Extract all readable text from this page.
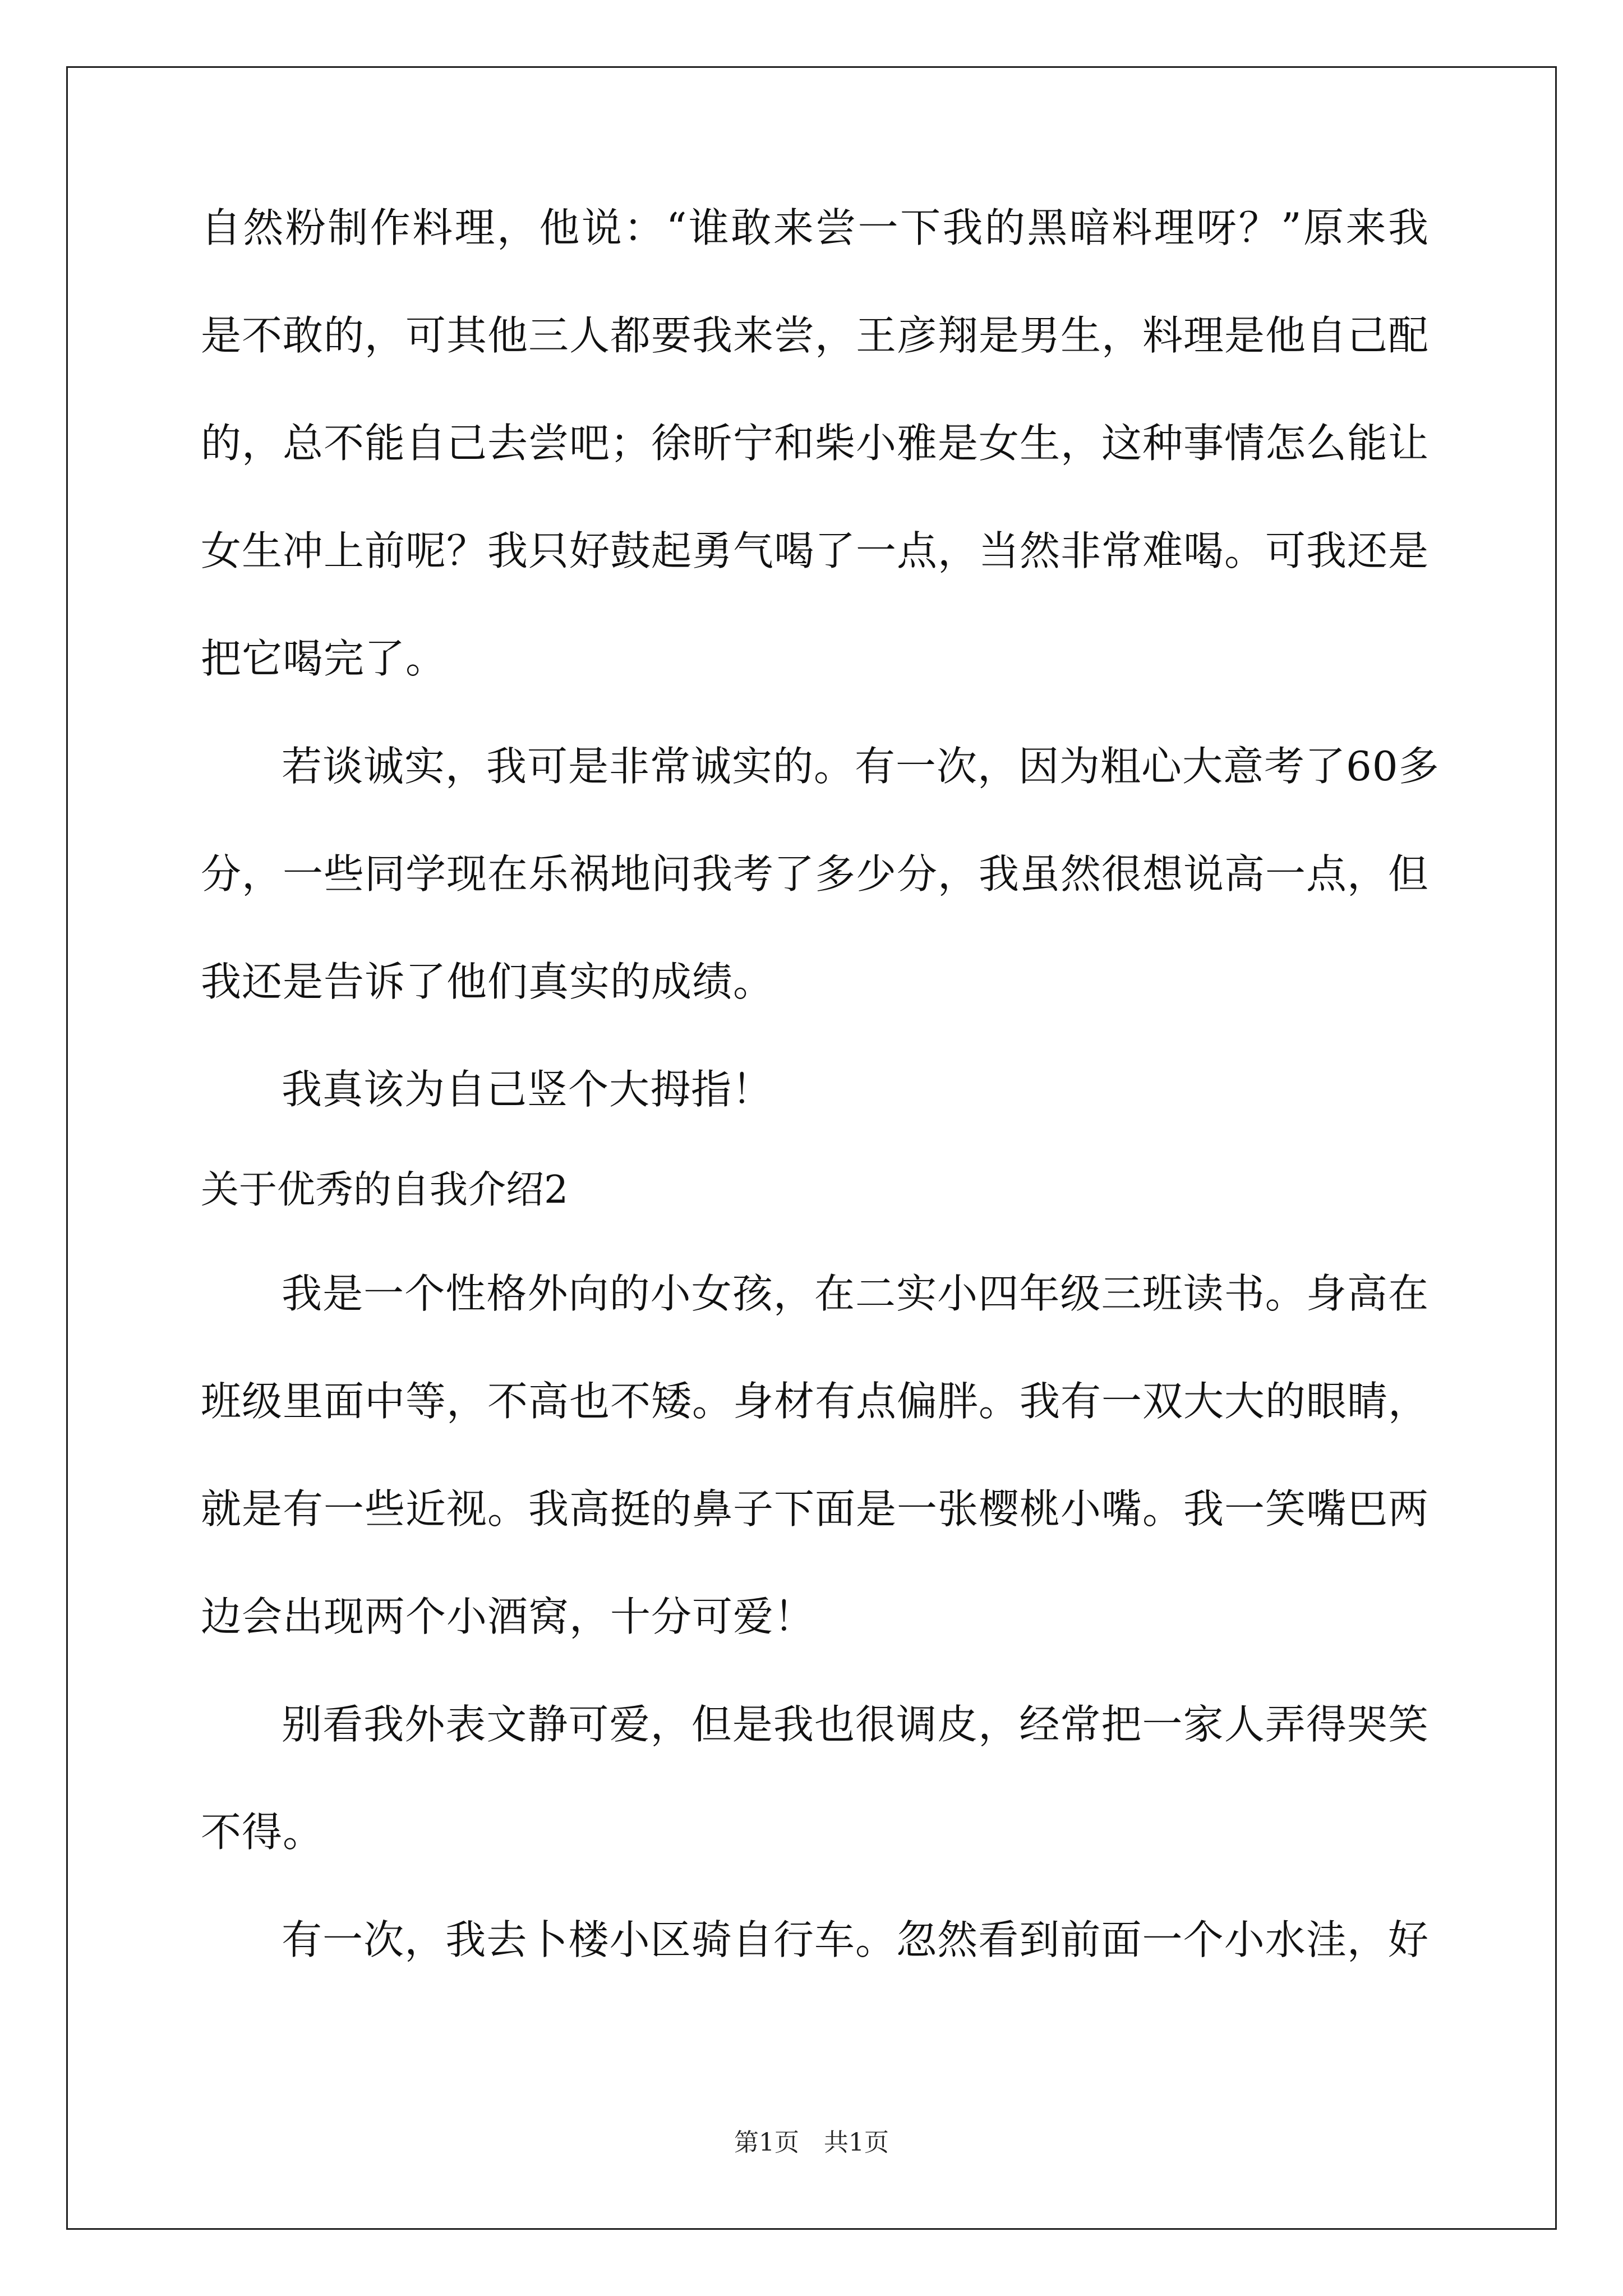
自然粉制作料理，他说：“谁敢来尝一下我的黑暗料理呀？”原来我
是不敢的，可其他三人都要我来尝，王彦翔是男生，料理是他自己配
的，总不能自己去尝吧；徐昕宁和柴小雅是女生，这种事情怎么能让
女生冲上前呢？我只好鼓起勇气喝了一点，当然非常难喝。可我还是
把它喝完了。
若谈诚实，我可是非常诚实的。有一次，因为粗心大意考了60多
分，一些同学现在乐祸地问我考了多少分，我虽然很想说高一点，但
我还是告诉了他们真实的成绩。
我真该为自己竖个大拇指！
关于优秀的自我介绍2
我是一个性格外向的小女孩，在二实小四年级三班读书。身高在
班级里面中等，不高也不矮。身材有点偏胖。我有一双大大的眼睛，
就是有一些近视。我高挺的鼻子下面是一张樱桃小嘴。我一笑嘴巴两
边会出现两个小酒窝，十分可爱！
别看我外表文静可爱，但是我也很调皮，经常把一家人弄得哭笑
不得。
有一次，我去卜楼小区骑自行车。忽然看到前面一个小水洼，好
第1页 共1页
